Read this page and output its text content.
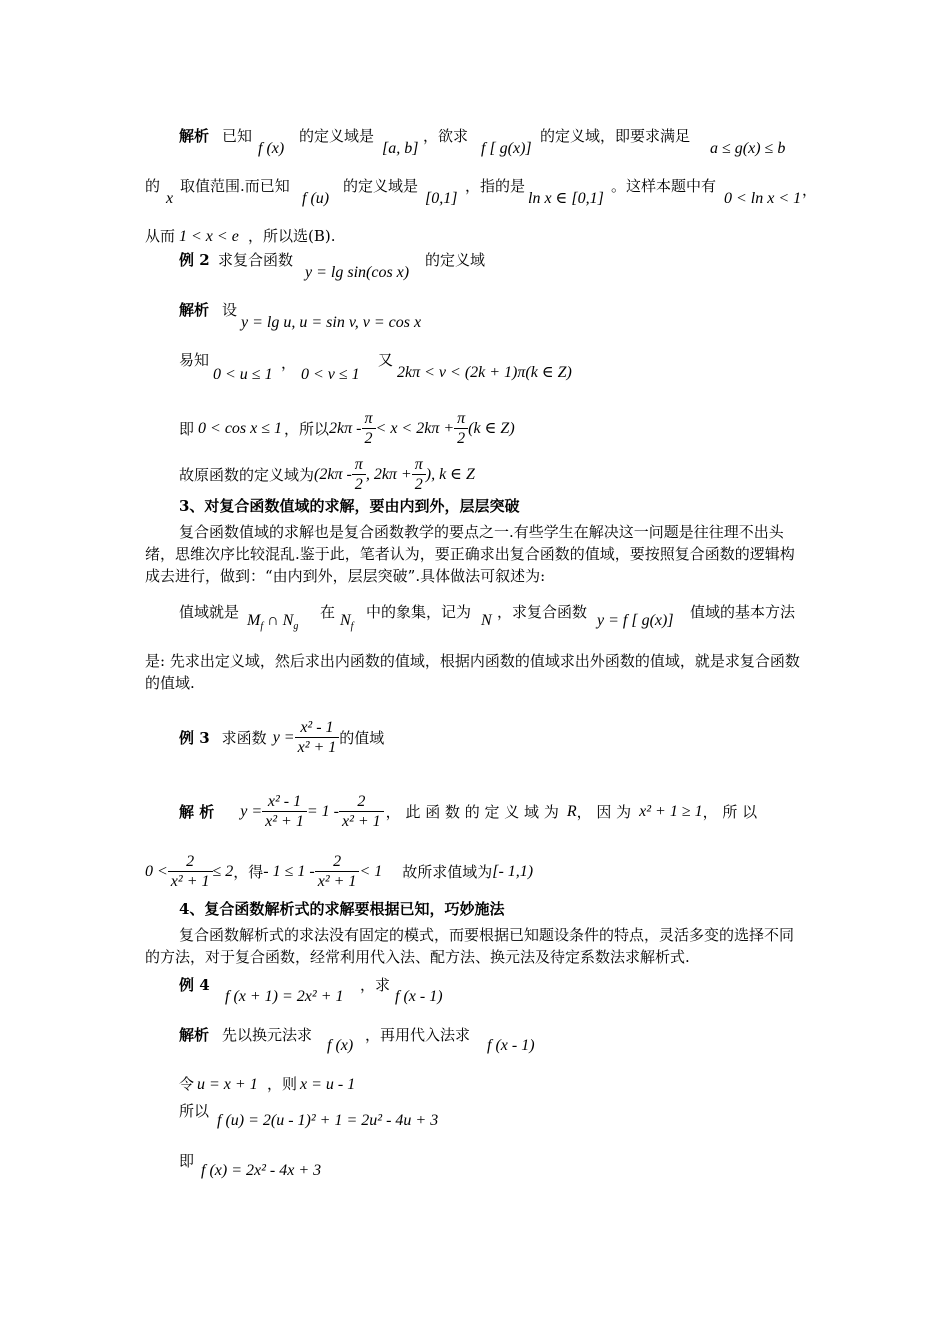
解析 已知
f (x)
的定义域是
[a, b]
，欲求
f [ g(x)]
的定义域，即要求满足
a ≤ g(x) ≤ b
的
x
取值范围.而已知
f (u)
的定义域是
[0,1]
，指的是
ln x ∈ [0,1]
。这样本题中有
0 < ln x < 1 ，
从而 1 < x < e ，所以选(B).
例 2 求复合函数
y = lg sin(cos x)
的定义域
解析 设
y = lg u, u = sin v, v = cos x
易知
0 < u ≤ 1
，
0 < v ≤ 1
又
2kπ < v < (2k + 1)π(k ∈ Z)
即 0 < cos x ≤ 1 ，所以 $2k\pi - \frac{\pi}{2} < x < 2k\pi + \frac{\pi}{2} (k$ ∈ Z)
故原函数的定义域为 ($2k\pi - \frac{\pi}{2}$ , $2k\pi + \frac{\pi}{2}$ ), k ∈ Z
3、对复合函数值域的求解，要由内到外，层层突破
复合函数值域的求解也是复合函数教学的要点之一.有些学生在解决这一问题是往往理不出头绪，思维次序比较混乱.鉴于此，笔者认为，要正确求出复合函数的值域，要按照复合函数的逻辑构成去进行，做到：“由内到外，层层突破”.具体做法可叙述为:
值域就是 $M_f$ ∩ $N_g$
在 $N_f$
中的象集，记为 N ，求复合函数 y = f [ g(x)] 值域的基本方法
是: 先求出定义域，然后求出内函数的值域，根据内函数的值域求出外函数的值域，就是求复合函数的值域.
例 3 求函数 $y = \frac{\text{x² - 1}}{\text{x² + 1}}$ 的值域
解 析 $y = \frac{\text{x² - 1}}{\text{x² + 1}} = 1 - \frac{2}{\text{x² + 1}}$ ， 此 函 数 的 定 义 域 为 R ， 因 为 x² + 1 ≥ 1 ， 所 以
$0 < \frac{2}{\text{x² + 1}} \le 2$ ，得 - $1 \le 1 - \frac{2}{\text{x² + 1}} < 1$ 故所求值域为 [- 1,1)
4、复合函数解析式的求解要根据已知，巧妙施法
复合函数解析式的求法没有固定的模式，而要根据已知题设条件的特点，灵活多变的选择不同的方法，对于复合函数，经常利用代入法、配方法、换元法及待定系数法求解析式.
例 4
f (x + 1) = 2x² + 1
，求
f (x - 1)
解析 先以换元法求
f (x)
，再用代入法求
f (x - 1)
令 u = x + 1 ，则 x = u - 1
所以
f (u) = 2(u - 1)² + 1 = 2u² - 4u + 3
即
f (x) = 2x² - 4x + 3
